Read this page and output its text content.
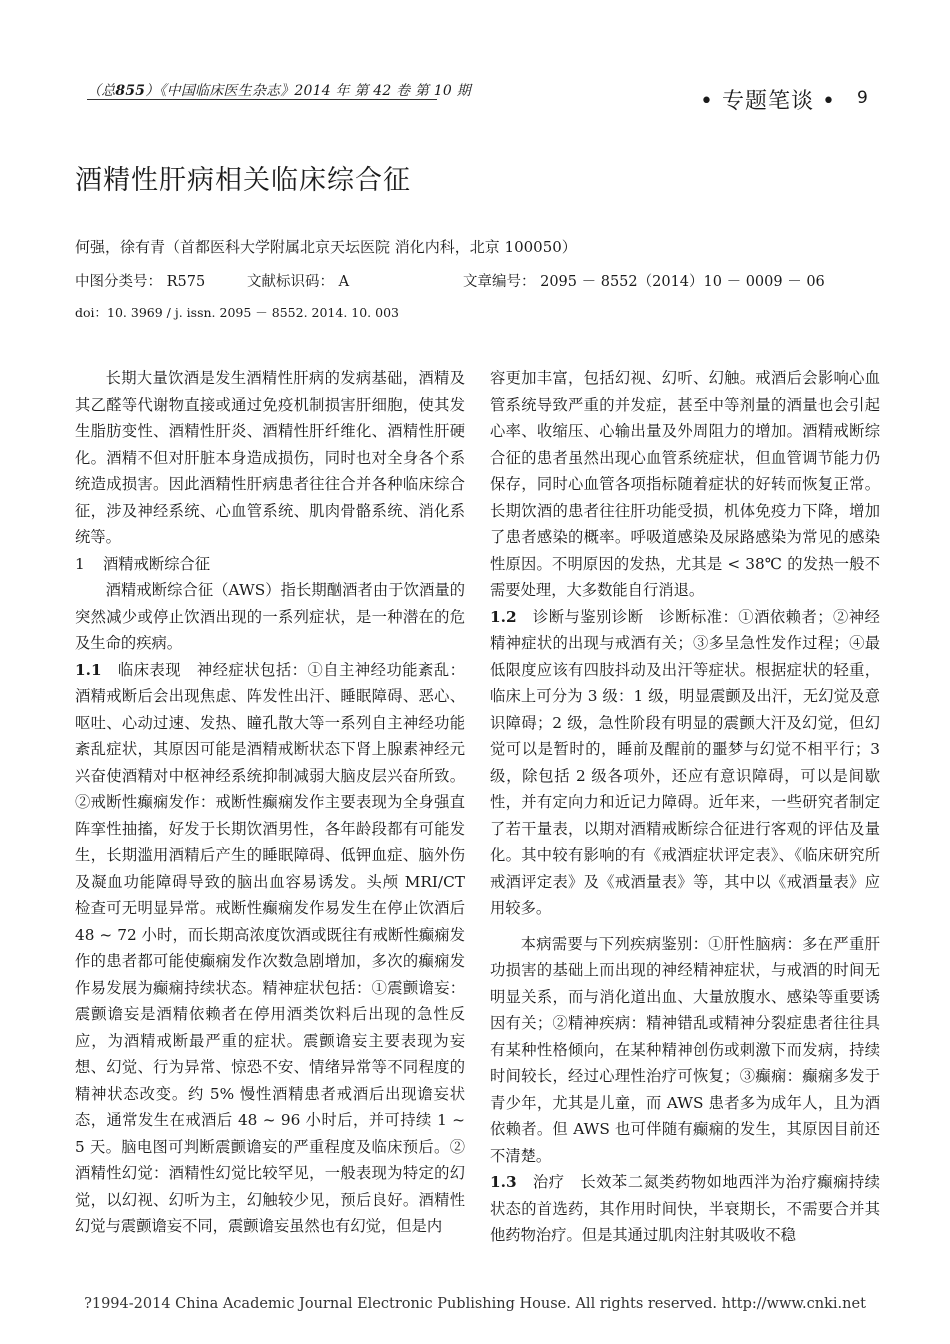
（总855）《中国临床医生杂志》2014 年 第 42 卷 第 10 期	• 专题笔谈 • 9
酒精性肝病相关临床综合征
何强，徐有青（首都医科大学附属北京天坛医院 消化内科，北京 100050）
中图分类号： R575	文献标识码： A	文章编号： 2095 － 8552（2014）10 － 0009 － 06
doi：10. 3969 / j. issn. 2095 － 8552. 2014. 10. 003

长期大量饮酒是发生酒精性肝病的发病基础，酒精及其乙醛等代谢物直接或通过免疫机制损害肝细胞，使其发生脂肪变性、酒精性肝炎、酒精性肝纤维化、酒精性肝硬化。酒精不但对肝脏本身造成损伤，同时也对全身各个系统造成损害。因此酒精性肝病患者往往合并各种临床综合征，涉及神经系统、心血管系统、肌肉骨骼系统、消化系统等。

1 酒精戒断综合征

酒精戒断综合征（AWS）指长期酗酒者由于饮酒量的突然减少或停止饮酒出现的一系列症状，是一种潜在的危及生命的疾病。

1.1　 临床表现　 神经症状包括：①自主神经功能紊乱：酒精戒断后会出现焦虑、阵发性出汗、睡眠障碍、恶心、呕吐、心动过速、发热、瞳孔散大等一系列自主神经功能紊乱症状，其原因可能是酒精戒断状态下肾上腺素神经元兴奋使酒精对中枢神经系统抑制减弱大脑皮层兴奋所致。②戒断性癫痫发作：戒断性癫痫发作主要表现为全身强直阵挛性抽搐，好发于长期饮酒男性，各年龄段都有可能发生，长期滥用酒精后产生的睡眠障碍、低钾血症、脑外伤及凝血功能障碍导致的脑出血容易诱发。头颅 MRI/CT 检查可无明显异常。戒断性癫痫发作易发生在停止饮酒后 48 ~ 72 小时，而长期高浓度饮酒或既往有戒断性癫痫发作的患者都可能使癫痫发作次数急剧增加，多次的癫痫发作易发展为癫痫持续状态。精神症状包括：①震颤谵妄：震颤谵妄是酒精依赖者在停用酒类饮料后出现的急性反应，为酒精戒断最严重的症状。震颤谵妄主要表现为妄想、幻觉、行为异常、惊恐不安、情绪异常等不同程度的精神状态改变。约 5% 慢性酒精患者戒酒后出现谵妄状态，通常发生在戒酒后 48 ~ 96 小时后，并可持续 1 ~ 5 天。脑电图可判断震颤谵妄的严重程度及临床预后。②酒精性幻觉：酒精性幻觉比较罕见，一般表现为特定的幻觉，以幻视、幻听为主，幻触较少见，预后良好。酒精性幻觉与震颤谵妄不同，震颤谵妄虽然也有幻觉，但是内

容更加丰富，包括幻视、幻听、幻触。戒酒后会影响心血管系统导致严重的并发症，甚至中等剂量的酒量也会引起心率、收缩压、心输出量及外周阻力的增加。酒精戒断综合征的患者虽然出现心血管系统症状，但血管调节能力仍保存，同时心血管各项指标随着症状的好转而恢复正常。长期饮酒的患者往往肝功能受损，机体免疫力下降，增加了患者感染的概率。呼吸道感染及尿路感染为常见的感染性原因。不明原因的发热，尤其是 < 38℃ 的发热一般不需要处理，大多数能自行消退。

1.2　 诊断与鉴别诊断　 诊断标准：①酒依赖者；②神经精神症状的出现与戒酒有关；③多呈急性发作过程；④最低限度应该有四肢抖动及出汗等症状。根据症状的轻重，临床上可分为 3 级：1 级，明显震颤及出汗，无幻觉及意识障碍；2 级，急性阶段有明显的震颤大汗及幻觉，但幻觉可以是暂时的，睡前及醒前的噩梦与幻觉不相平行；3 级，除包括 2 级各项外，还应有意识障碍，可以是间歇性，并有定向力和近记力障碍。近年来，一些研究者制定了若干量表，以期对酒精戒断综合征进行客观的评估及量化。其中较有影响的有《戒酒症状评定表》、《临床研究所戒酒评定表》及《戒酒量表》等，其中以《戒酒量表》应用较多。

本病需要与下列疾病鉴别：①肝性脑病：多在严重肝功损害的基础上而出现的神经精神症状，与戒酒的时间无明显关系，而与消化道出血、大量放腹水、感染等重要诱因有关；②精神疾病：精神错乱或精神分裂症患者往往具有某种性格倾向，在某种精神创伤或刺激下而发病，持续时间较长，经过心理性治疗可恢复；③癫痫：癫痫多发于青少年，尤其是儿童，而 AWS 患者多为成年人，且为酒依赖者。但 AWS 也可伴随有癫痫的发生，其原因目前还不清楚。

1.3　 治疗　 长效苯二氮类药物如地西泮为治疗癫痫持续状态的首选药，其作用时间快，半衰期长，不需要合并其他药物治疗。但是其通过肌肉注射其吸收不稳

?1994-2014 China Academic Journal Electronic Publishing House. All rights reserved. http://www.cnki.net
